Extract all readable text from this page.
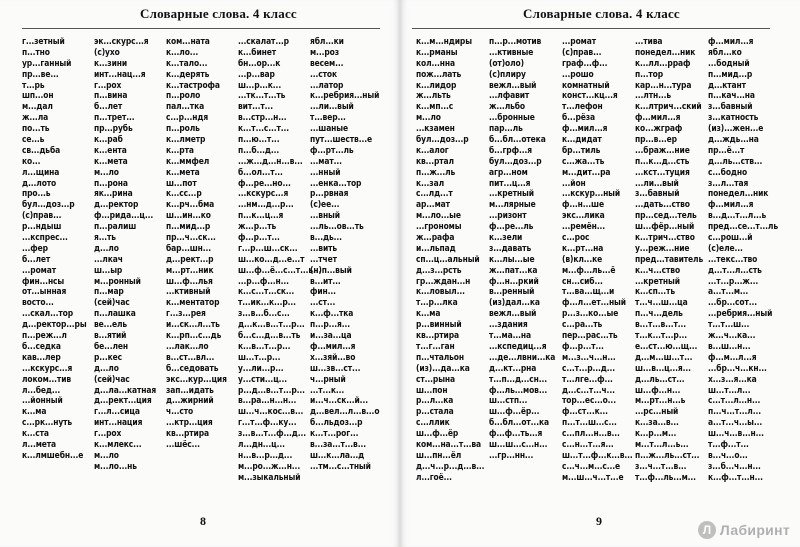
Словарные слова. 4 класс
г...зетный
п...тно
ур...ганный
пр...ве...
т...рь
шп...он
м...дал
ж...ла
по...ть
се...ь
св...дьба
ко...
л...щина
д...лото
про...ь
бул...доз...р
(с)прав...
р...ндыш
...кспрес...
...фер
б...лет
...ромат
фин...нсы
от...ынная
восто...
...скал...тор
д...ректор...ры
п...реж...л
б...седка
кав...лер
...кскурс...я
локом...тив
л...бед...
...йонный
к...ма
с...рк...нуть
к...ста
л...мета
к...лмшебн...е
эк...скурс...я
(с)ухо
к...зини
инт...нац...я
г...рох
п...вина
б...лет
п...трет...
пр...рубь
к...раб
к...ента
к...мета
м...ло
п...рона
як...рина
д...ректор
ф...рида...ц...
п...ралиш
я...ть
д...ло
...лкач
ш...ыр
м...ронный
п...мар
(сей)час
п...лашка
ве...ель
в...ятий
бе...лен
р...кес
д...ло
(сей)час
д...ла...катная
д...рект...ция
г...л...сица
инт...нация
г...рох
к...млекс...
м...ло
м...ло...нь
ком...ната
к...ло...
к...тало...
к...дерять
к...тастрофа
п...роло
пал...тка
с...р...ндя
п...роль
к...лметр
к...рта
к...ммфел
к...мета
ш...пот
к...сс...р
к...рч...бма
ш...ин...ко
п...мид...р
пр...ч...ск...
бар...шн...
д...рект...р
м...рт...ник
ш...ф...лья
...ктивный
к...ментатор
г...з...рея
и...ск...л...ть
к...рп...с...дь
...лак...ло
в...ст...вл...
б...седовать
экс...кур...ция
зап...идать
д...жирний
ч...сто
...ктр...ция
кв...ртира
...шёс...
...скалат...р
к...бинет
бн...ор...к
...р...вар
ш...р...к...
...тк...т...ть
вит...т...
в...стр...н...
к...т...с...т...
п...ю...т...
п...б...д...
...ж...д...н...в...
б...ол...т...
ф...ре...но...
...кскурс...я
...нм...д...р...
п...к...ц...я
ж...р...ть
ф...р...т...
г...р...ш...ск...
ш...ко...д...е...т
ш...ф...ё...с...т...ь...
...р...ф...н...
к...с...т...ск...
т...ик...к...р...
з...в...б...с...
д...к...в...т...р...
б...с...д...в...ть
к...в...т...р...
ш...т...р...
у...ли...р...
у...сти...ц...
р...д...в...т...р...
в...ра...н...н...
ш...ч...кос...в...
г...т...ф...ку...
з...в...т...ф...д...
л...дн...ц...
н...в...р...д...
м...ро...ж...н...
м...зыкальный
ябл...ки
м...роз
весем...
...сток
...латор
к...ребрия...ный
...ли...вый
т...вер...
...шаные
пут...шеств...е
ф...рт...ль
...мат...
...нный
...енка...тор
р...рвная
(с)ее...
...вный
...ль...ов...ть
в...дь...
...вить
...тчет
(н)п...вый
в...ит...
фин...
...ст...
к...ф...тка
п...р...я...
и...за...ца
ф...мил...я
х...зяй...во
ш...зв...ст...
ч...рный
...т...к...
и...ч...ск...й...
д...вел...л...в...о
б...льдоз...р
к...т...рог...
в...за...т...в...
ш...к...ла...д
...тм...с...тный
8
Словарные слова. 4 класс
к...м...ндиры
к...рманы
кол...нна
пож...лать
к...лидор
ж...льть
к...мп...с
м...ло
...кзамен
бул...доз...р
к...алог
кв...ртал
п...ж...ль
к...зал
с...лд...т
ар...мат
м...ло...ые
...грономы
ж...рафа
и...льпад
сп...ц...альный
д...з...рсть
гр...ждан...н
к...ловыл...
т...р...лка
к...ма
р...винный
кв...ртира
т...г...ган
п...чтальон
(из)...да...ка
ст...рына
ш...пон
р...л...ка
р...стала
с...ллик
ш...ф...ёр
ком...на...т...ва
ш...пн...ёл
д...ч...р...д...в...
л...гоё...
п...р...мотив
...ктивные
(от)оло)
(с)плиру
вежл...вый
...лфавит
ж...льбо
...бронные
пар...ль
б...бл...отека
б...грф...я
бул...доз...р
агр...ном
пит...ц...я
...кретный
м...лярные
...ризонт
ф...ре...ль
к...зели
з...давать
к...лы...ые
ж...пат...ка
ф...н...ркий
в...ренный
(из)дал...ка
вежл...вый
...здания
т...ма...на
...кспедиц...я
...де...лвни...ка
д...кт...рна
т...п...д...сн...
ф...ль...мов...
ш...стп...
ш...ф...ёр...
б...бл...от...ка
ф...ф...ть...я
ш...ш...с...н...
...гр...нн...
...ромат
(с)прав...
граф...ф...
...рошо
комнатный
конст...кц...я
т...лефон
б...рёза
ф...мил...я
к...дидат
бр...тиль
с...жа...ть
м...дит...ра
...йон
...кскур...ный
ф...н...ше
экс...лика
...ремён...
с...рос
к...рт...на
(в)кл...ке
м...ф...ль...ё
сн...сиб...
т...ва...щ...и
ф...л...ет...ный
р...з...ко...ые
с...ра...ть
пер...рас...ть
ф...р...т...
м...з...ч...н...
с...т...р...д...
т...лге...ф...
д...с...т...ч...
тор...ес...о...
ф...ст...к...
п...т...ш...с...
с...пл...н...в...
с...н...т...я...
ш...т...ф...к...в...
с...ч...м...с...е
м...ш...ч...т...е
...тива
понедел...ник
к...лл...рраф
п...тор
кар...н...тура
...лтн...ь
к...лтрич...ский
ф...мил...я
ко...жграф
пр...в...ер
...браж...ние
п...к...д...сть
...кст...туция
...ли...вый
з...бавный
...дать...ство
пр...сед...тель
ш...фёр...ный
к...трич...ство
у...реж...ние
пред...тавитель
к...ч...ство
...кретный
к...сп...ть
т...ч...ш...ца
п...ч...дель
в...т...в...т...
т...к...т...р...
е...ст...ю...щ...
д...м...ш...т...
ш...в...ц...я...
д...ль...ст...
ш...ф...н...
м...рт...н...ь
...рс...ный
к...за...в...
к...р...м...
м...т...л...ь...
п...ж...ль...ст...
з...ч...т...в...
т...ф...ль...м...
ф...мил...я
ябл...ко
...бодный
п...мид...р
д...ктант
п...кач...на
з...бавный
з...катность
(из)...жен...е
д...ждь...на
пр...ё...т
д...ль...ств...
с...бодно
з...л...тая
понедел...ник
ф...мил...я
в...д...т...л...ь
пред...се...т...ль
с...рош...й
(с)еле...
...текс...тво
д...т...л...сть
...т...р...ж...
а...т...м...
...бр...сот...
...ребрия...ный
т...т...ш...
ж...ч...ка...
в...ш...н...
ф...м...л...я
...бр...ч...кн...
х...з...я...ка
ш...т...л...
с...т...л...н...
п...ч...т...л...
а...т...ч...ы...
ш...ч...в...н...
т...ф...т...
в...ч...о...
з...б...ч...н...
к...ф...т...н...
9
Л Лабиринт
